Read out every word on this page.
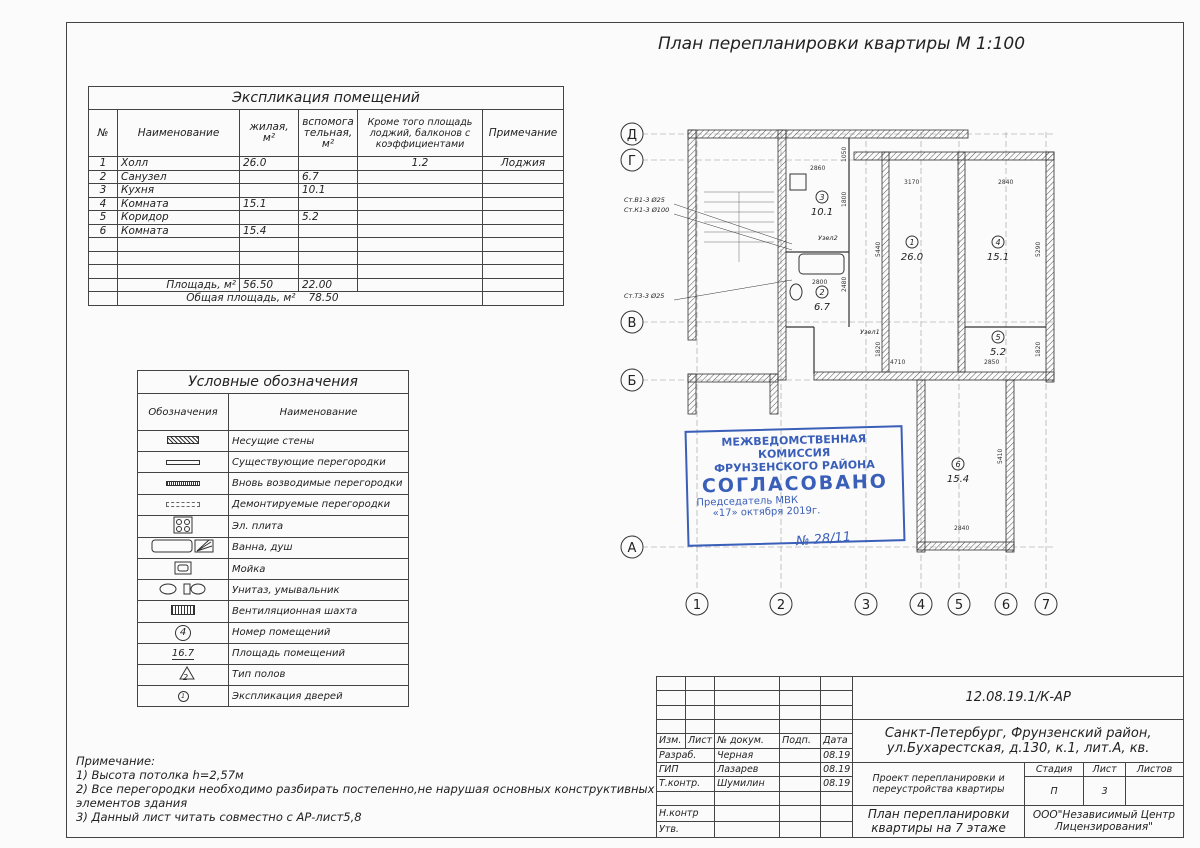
Экспликация помещений					
№	Наименование	жилая, м²	вспомога тельная, м²	Кроме того площадь лоджий, балконов с коэффициентами	Примечание
1	Холл	26.0		1.2	Лоджия
2	Санузел		6.7		
3	Кухня		10.1		
4	Комната	15.1			
5	Коридор		5.2		
6	Комната	15.4			

	Площадь, м²	56.50	22.00		
	Общая площадь, м²		78.50		
Условные обозначения	
Обозначения	Наименование
	Несущие стены
	Существующие перегородки
	Вновь возводимые перегородки
	Демонтируемые перегородки
	Эл. плита
	Ванна, душ
	Мойка
	Унитаз, умывальник
	Вентиляционная шахта
4	Номер помещений
16.7	Площадь помещений
2	Тип полов
1	Экспликация дверей
Примечание:
1) Высота потолка h=2,57м
2) Все перегородки необходимо разбирать постепенно,не нарушая основных конструктивных
элементов здания
3) Данный лист читать совместно с АР-лист5,8
План перепланировки квартиры М 1:100
Д
Г
В
Б
А
1	2	3	4 5	6 7
3
10.1
1
26.0
4
15.1
2
6.7
5
5.2
6
15.4
3170	2840
2860
1050
1800
5440	5290
2800 2480
4710
1820	1820
2850
5410
2840
Ст.В1-3 Ø25
Ст.К1-3 Ø100
Ст.Т3-3 Ø25
Узел2
Узел1
МЕЖВЕДОМСТВЕННАЯ
КОМИССИЯ
ФРУНЗЕНСКОГО РАЙОНА
СОГЛАСОВАНО
Председатель МВК
«17» октября 2019г.
№ 28/11
					12.08.19.1/К-АР			

					Санкт-Петербург, Фрунзенский район,
ул.Бухарестская, д.130, к.1, лит.А, кв.			

Изм.	Лист	№ докум.	Подп.	Дата				
Разраб.		Черная		08.19				
ГИП		Лазарев		08.19	Проект перепланировки и переустройства квартиры	Стадия	Лист	Листов
Т.контр.		Шумилин		08.19		П	3	

Н.контр					План перепланировки квартиры на 7 этаже	ООО"Независимый Центр Лицензирования"		
Утв.								
